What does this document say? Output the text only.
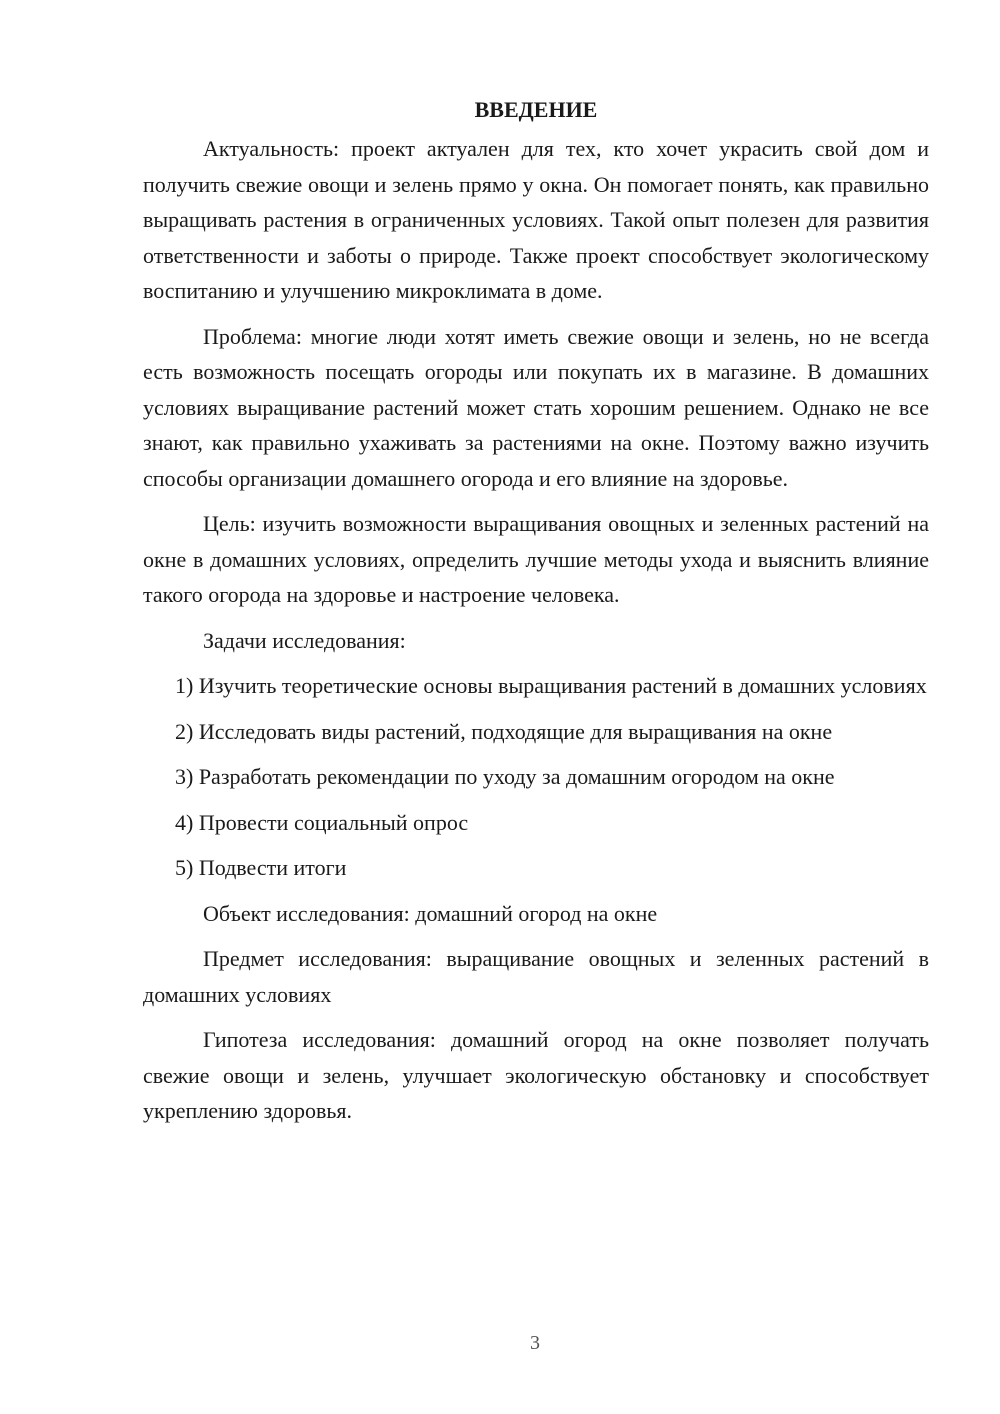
ВВЕДЕНИЕ

Актуальность: проект актуален для тех, кто хочет украсить свой дом и получить свежие овощи и зелень прямо у окна. Он помогает понять, как правильно выращивать растения в ограниченных условиях. Такой опыт полезен для развития ответственности и заботы о природе. Также проект способствует экологическому воспитанию и улучшению микроклимата в доме.

Проблема: многие люди хотят иметь свежие овощи и зелень, но не всегда есть возможность посещать огороды или покупать их в магазине. В домашних условиях выращивание растений может стать хорошим решением. Однако не все знают, как правильно ухаживать за растениями на окне. Поэтому важно изучить способы организации домашнего огорода и его влияние на здоровье.

Цель: изучить возможности выращивания овощных и зеленных растений на окне в домашних условиях, определить лучшие методы ухода и выяснить влияние такого огорода на здоровье и настроение человека.

Задачи исследования:

1) Изучить теоретические основы выращивания растений в домашних условиях

2) Исследовать виды растений, подходящие для выращивания на окне

3) Разработать рекомендации по уходу за домашним огородом на окне

4) Провести социальный опрос

5) Подвести итоги

Объект исследования: домашний огород на окне

Предмет исследования: выращивание овощных и зеленных растений в домашних условиях

Гипотеза исследования: домашний огород на окне позволяет получать свежие овощи и зелень, улучшает экологическую обстановку и способствует укреплению здоровья.

3
